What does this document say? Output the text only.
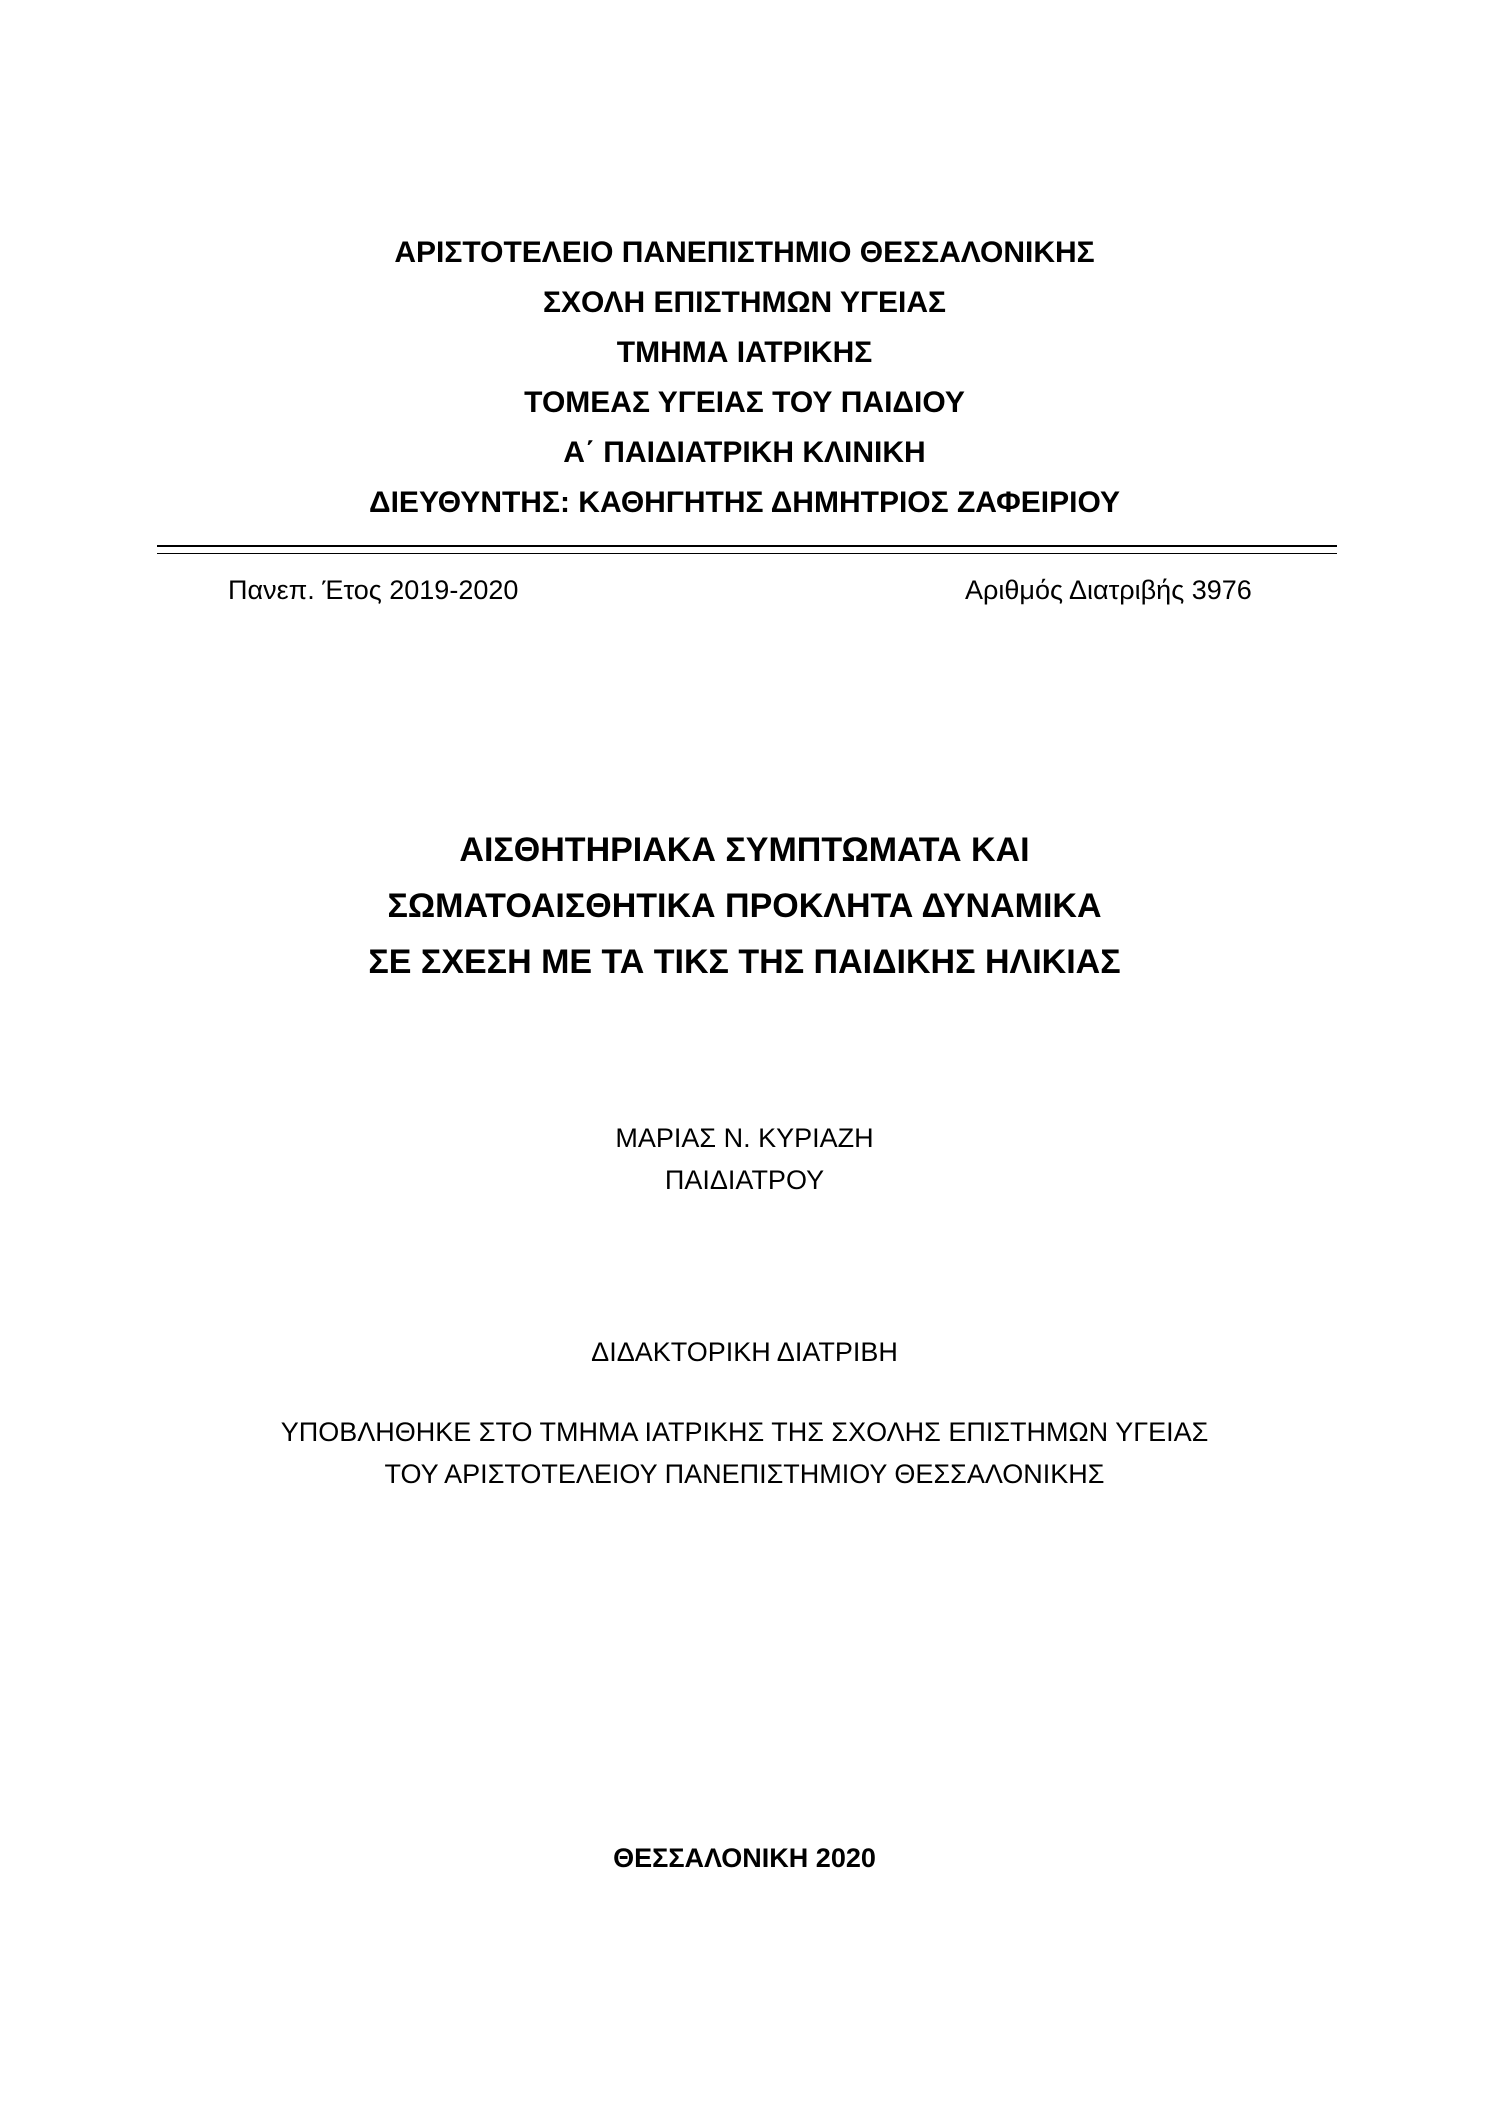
ΑΡΙΣΤΟΤΕΛΕΙΟ ΠΑΝΕΠΙΣΤΗΜΙΟ ΘΕΣΣΑΛΟΝΙΚΗΣ
ΣΧΟΛΗ ΕΠΙΣΤΗΜΩΝ ΥΓΕΙΑΣ
ΤΜΗΜΑ ΙΑΤΡΙΚΗΣ
ΤΟΜΕΑΣ ΥΓΕΙΑΣ ΤΟΥ ΠΑΙΔΙΟΥ
Α΄ ΠΑΙΔΙΑΤΡΙΚΗ ΚΛΙΝΙΚΗ
ΔΙΕΥΘΥΝΤΗΣ: ΚΑΘΗΓΗΤΗΣ ΔΗΜΗΤΡΙΟΣ ΖΑΦΕΙΡΙΟΥ
Πανεπ. Έτος 2019-2020	Αριθμός Διατριβής 3976
ΑΙΣΘΗΤΗΡΙΑΚΑ ΣΥΜΠΤΩΜΑΤΑ ΚΑΙ
ΣΩΜΑΤΟΑΙΣΘΗΤΙΚΑ ΠΡΟΚΛΗΤΑ ΔΥΝΑΜΙΚΑ
ΣΕ ΣΧΕΣΗ ΜΕ ΤΑ ΤΙΚΣ ΤΗΣ ΠΑΙΔΙΚΗΣ ΗΛΙΚΙΑΣ
ΜΑΡΙΑΣ Ν. ΚΥΡΙΑΖΗ
ΠΑΙΔΙΑΤΡΟΥ
ΔΙΔΑΚΤΟΡΙΚΗ ΔΙΑΤΡΙΒΗ
ΥΠΟΒΛΗΘΗΚΕ ΣΤΟ ΤΜΗΜΑ ΙΑΤΡΙΚΗΣ ΤΗΣ ΣΧΟΛΗΣ ΕΠΙΣΤΗΜΩΝ ΥΓΕΙΑΣ
ΤΟΥ ΑΡΙΣΤΟΤΕΛΕΙΟΥ ΠΑΝΕΠΙΣΤΗΜΙΟΥ ΘΕΣΣΑΛΟΝΙΚΗΣ
ΘΕΣΣΑΛΟΝΙΚΗ 2020
